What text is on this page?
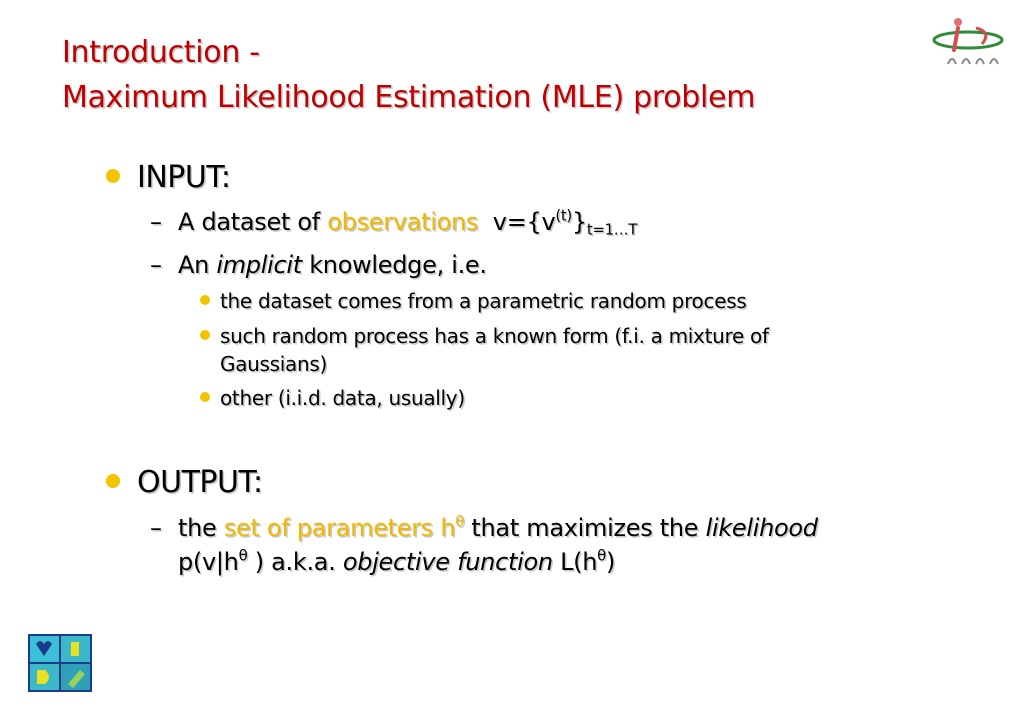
Introduction -
Maximum Likelihood Estimation (MLE) problem
INPUT:
– A dataset of observations $v=\{v^{(t)}\}_{t=1\dots T}$
– An implicit knowledge, i.e.
the dataset comes from a parametric random process
such random process has a known form (f.i. a mixture of
Gaussians)
other (i.i.d. data, usually)
OUTPUT:
– the set of parameters $h^\theta$ that maximizes the likelihood
$p(v|h^\theta$ ) a.k.a. objective function $L(h^\theta)$
